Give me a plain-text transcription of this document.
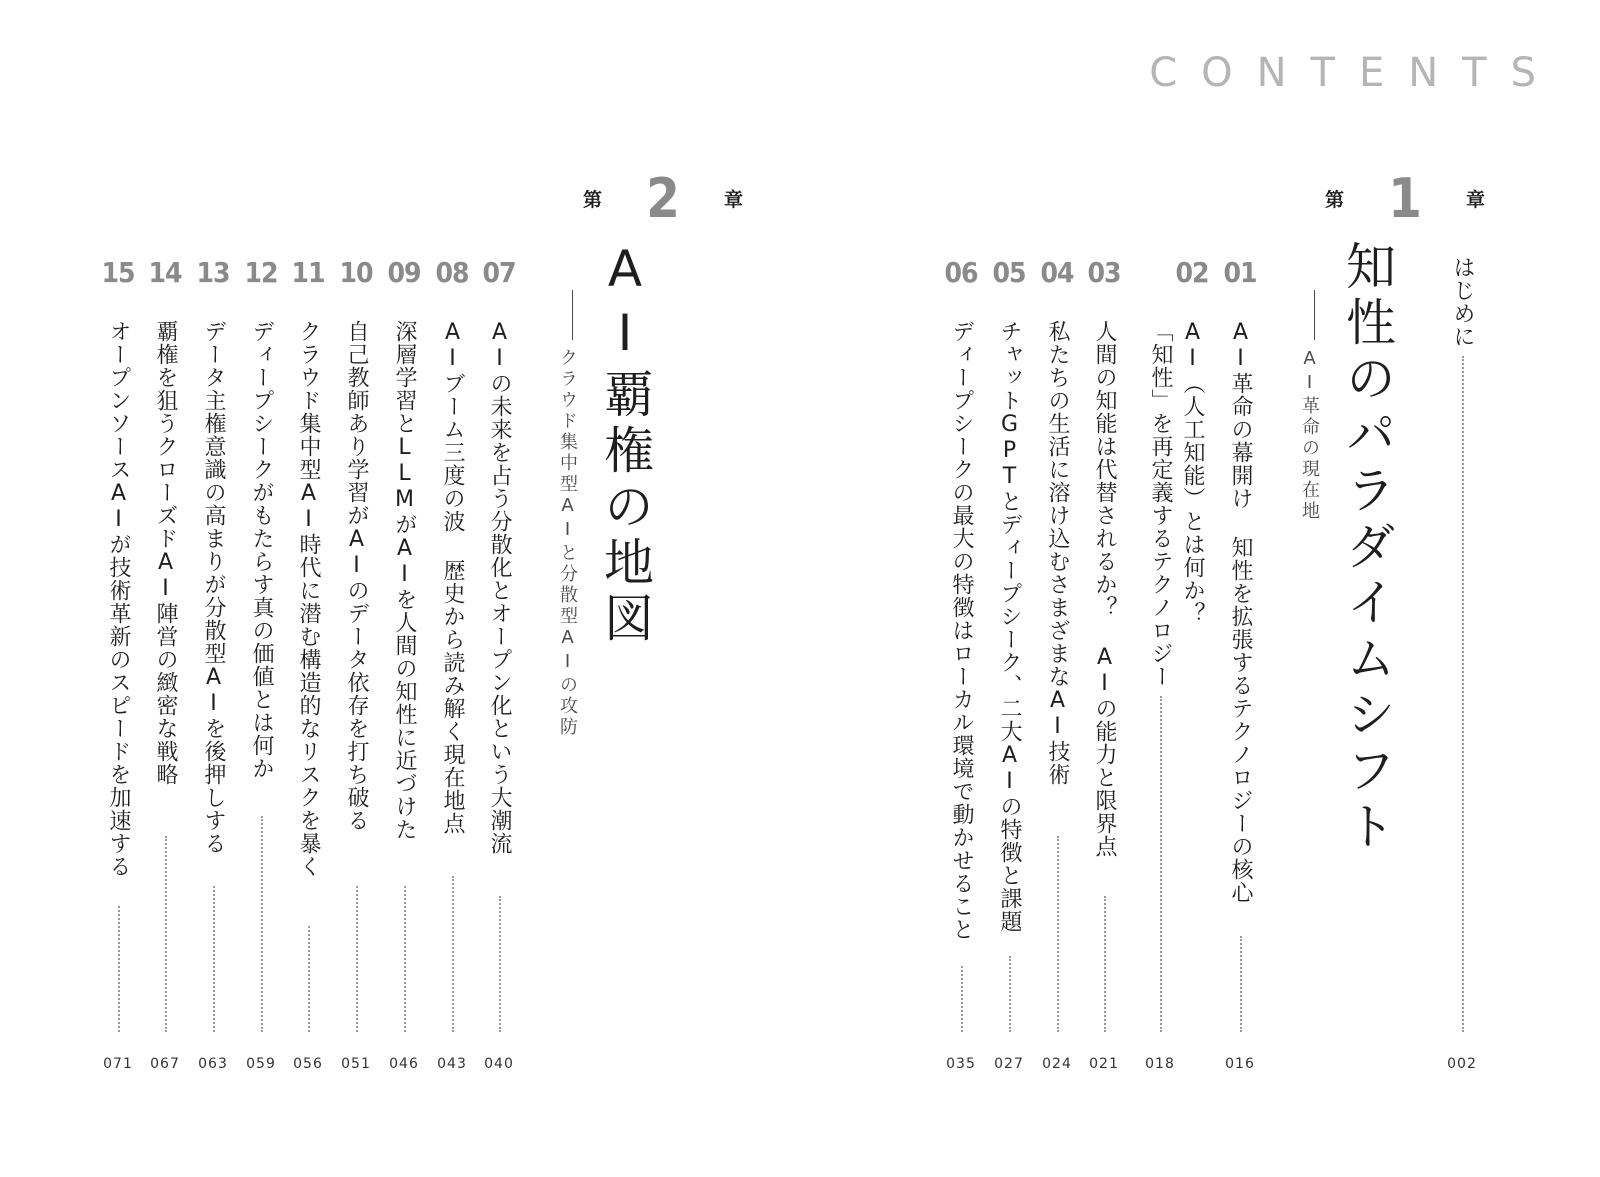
CONTENTS
はじめに
002
第 1 章
知性のパラダイムシフト
AI革命の現在地
01
AI革命の幕開け 知性を拡張するテクノロジーの核心
016
02
AI（人工知能）とは何か？
「知性」を再定義するテクノロジー
018
03
人間の知能は代替されるか？ AIの能力と限界点
021
04
私たちの生活に溶け込むさまざまなAI技術
024
05
チャットGPTとディープシーク、二大AIの特徴と課題
027
06
ディープシークの最大の特徴はローカル環境で動かせること
035
第 2 章
AI覇権の地図
クラウド集中型AIと分散型AIの攻防
07
AIの未来を占う分散化とオープン化という大潮流
040
08
AIブーム三度の波 歴史から読み解く現在地点
043
09
深層学習とLLMがAIを人間の知性に近づけた
046
10
自己教師あり学習がAIのデータ依存を打ち破る
051
11
クラウド集中型AI時代に潜む構造的なリスクを暴く
056
12
ディープシークがもたらす真の価値とは何か
059
13
データ主権意識の高まりが分散型AIを後押しする
063
14
覇権を狙うクローズドAI陣営の緻密な戦略
067
15
オープンソースAIが技術革新のスピードを加速する
071
